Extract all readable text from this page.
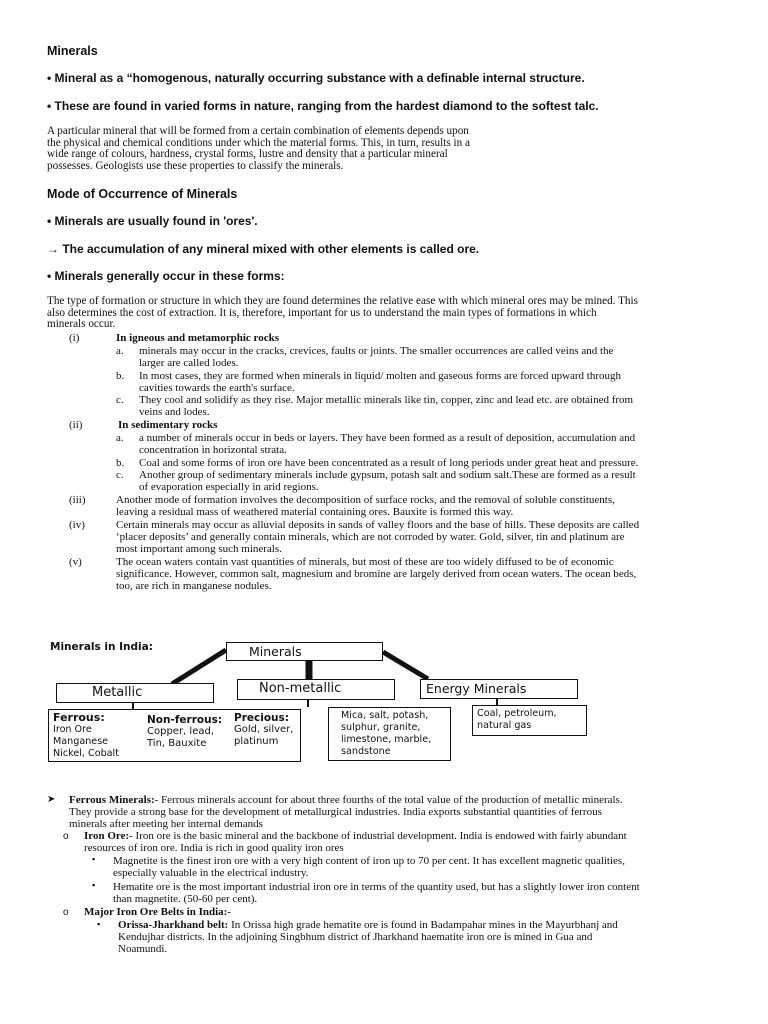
Minerals
• Mineral as a “homogenous, naturally occurring substance with a definable internal structure.
• These are found in varied forms in nature, ranging from the hardest diamond to the softest talc.
A particular mineral that will be formed from a certain combination of elements depends upon
the physical and chemical conditions under which the material forms. This, in turn, results in a
wide range of colours, hardness, crystal forms, lustre and density that a particular mineral
possesses. Geologists use these properties to classify the minerals.
Mode of Occurrence of Minerals
• Minerals are usually found in 'ores'.
→ The accumulation of any mineral mixed with other elements is called ore.
• Minerals generally occur in these forms:
The type of formation or structure in which they are found determines the relative ease with which mineral ores may be mined. This
also determines the cost of extraction. It is, therefore, important for us to understand the main types of formations in which
minerals occur.
(i)	In igneous and metamorphic rocks
a. minerals may occur in the cracks, crevices, faults or joints. The smaller occurrences are called veins and the
larger are called lodes.
b. In most cases, they are formed when minerals in liquid/ molten and gaseous forms are forced upward through
cavities towards the earth's surface.
c. They cool and solidify as they rise. Major metallic minerals like tin, copper, zinc and lead etc. are obtained from
veins and lodes.
(ii)	In sedimentary rocks
a. a number of minerals occur in beds or layers. They have been formed as a result of deposition, accumulation and
concentration in horizontal strata.
b. Coal and some forms of iron ore have been concentrated as a result of long periods under great heat and pressure.
c. Another group of sedimentary minerals include gypsum, potash salt and sodium salt.These are formed as a result
of evaporation especially in arid regions.
(iii)	Another mode of formation involves the decomposition of surface rocks, and the removal of soluble constituents,
leaving a residual mass of weathered material containing ores. Bauxite is formed this way.
(iv)	Certain minerals may occur as alluvial deposits in sands of valley floors and the base of hills. These deposits are called
‘placer deposits’ and generally contain minerals, which are not corroded by water. Gold, silver, tin and platinum are
most important among such minerals.
(v)	The ocean waters contain vast quantities of minerals, but most of these are too widely diffused to be of economic
significance. However, common salt, magnesium and bromine are largely derived from ocean waters. The ocean beds,
too, are rich in manganese nodules.
Minerals in India:	Minerals
Metallic	Non-metallic	Energy Minerals
Ferrous:
Iron Ore
Manganese
Nickel, Cobalt
Non-ferrous:
Copper, lead,
Tin, Bauxite
Precious:
Gold, silver,
platinum
Mica, salt, potash,
sulphur, granite,
limestone, marble,
sandstone
Coal, petroleum,
natural gas
➤ Ferrous Minerals:- Ferrous minerals account for about three fourths of the total value of the production of metallic minerals.
They provide a strong base for the development of metallurgical industries. India exports substantial quantities of ferrous
minerals after meeting her internal demands
o Iron Ore:- Iron ore is the basic mineral and the backbone of industrial development. India is endowed with fairly abundant
resources of iron ore. India is rich in good quality iron ores
▪ Magnetite is the finest iron ore with a very high content of iron up to 70 per cent. It has excellent magnetic qualities,
especially valuable in the electrical industry.
▪ Hematite ore is the most important industrial iron ore in terms of the quantity used, but has a slightly lower iron content
than magnetite. (50-60 per cent).
o Major Iron Ore Belts in India:-
▪ Orissa-Jharkhand belt: In Orissa high grade hematite ore is found in Badampahar mines in the Mayurbhanj and
Kendujhar districts. In the adjoining Singbhum district of Jharkhand haematite iron ore is mined in Gua and
Noamundi.
